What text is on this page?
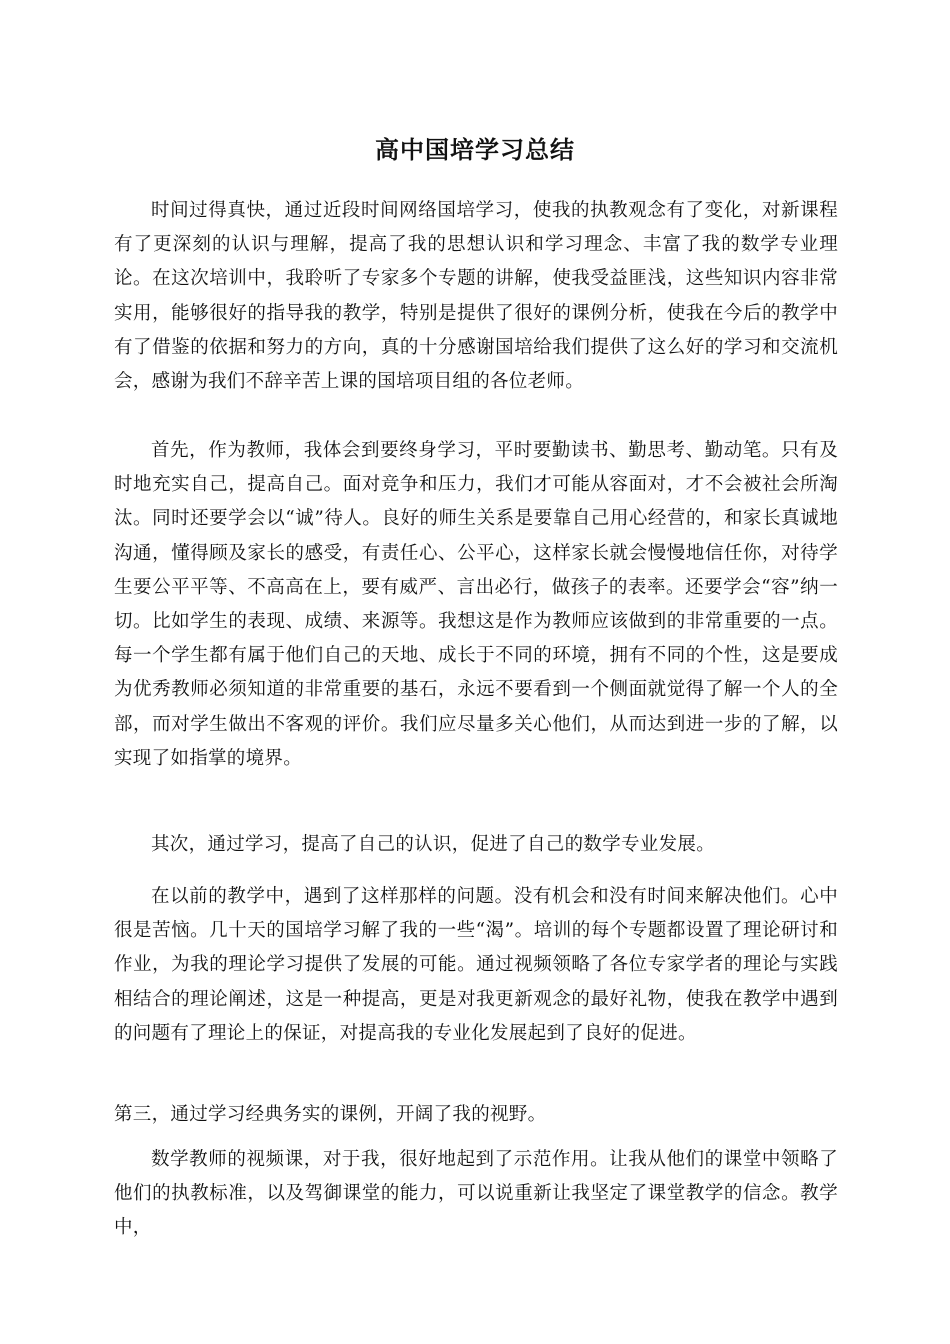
高中国培学习总结

时间过得真快，通过近段时间网络国培学习，使我的执教观念有了变化，对新课程有了更深刻的认识与理解，提高了我的思想认识和学习理念、丰富了我的数学专业理论。在这次培训中，我聆听了专家多个专题的讲解，使我受益匪浅，这些知识内容非常实用，能够很好的指导我的教学，特别是提供了很好的课例分析，使我在今后的教学中有了借鉴的依据和努力的方向，真的十分感谢国培给我们提供了这么好的学习和交流机会，感谢为我们不辞辛苦上课的国培项目组的各位老师。

首先，作为教师，我体会到要终身学习，平时要勤读书、勤思考、勤动笔。只有及时地充实自己，提高自己。面对竞争和压力，我们才可能从容面对，才不会被社会所淘汰。同时还要学会以“诚”待人。良好的师生关系是要靠自己用心经营的，和家长真诚地沟通，懂得顾及家长的感受，有责任心、公平心，这样家长就会慢慢地信任你，对待学生要公平平等、不高高在上，要有威严、言出必行，做孩子的表率。还要学会“容”纳一切。比如学生的表现、成绩、来源等。我想这是作为教师应该做到的非常重要的一点。每一个学生都有属于他们自己的天地、成长于不同的环境，拥有不同的个性，这是要成为优秀教师必须知道的非常重要的基石，永远不要看到一个侧面就觉得了解一个人的全部，而对学生做出不客观的评价。我们应尽量多关心他们，从而达到进一步的了解，以实现了如指掌的境界。

其次，通过学习，提高了自己的认识，促进了自己的数学专业发展。

在以前的教学中，遇到了这样那样的问题。没有机会和没有时间来解决他们。心中很是苦恼。几十天的国培学习解了我的一些“渴”。培训的每个专题都设置了理论研讨和作业，为我的理论学习提供了发展的可能。通过视频领略了各位专家学者的理论与实践相结合的理论阐述，这是一种提高，更是对我更新观念的最好礼物，使我在教学中遇到的问题有了理论上的保证，对提高我的专业化发展起到了良好的促进。

第三，通过学习经典务实的课例，开阔了我的视野。

数学教师的视频课，对于我，很好地起到了示范作用。让我从他们的课堂中领略了他们的执教标准，以及驾御课堂的能力，可以说重新让我坚定了课堂教学的信念。教学中，
